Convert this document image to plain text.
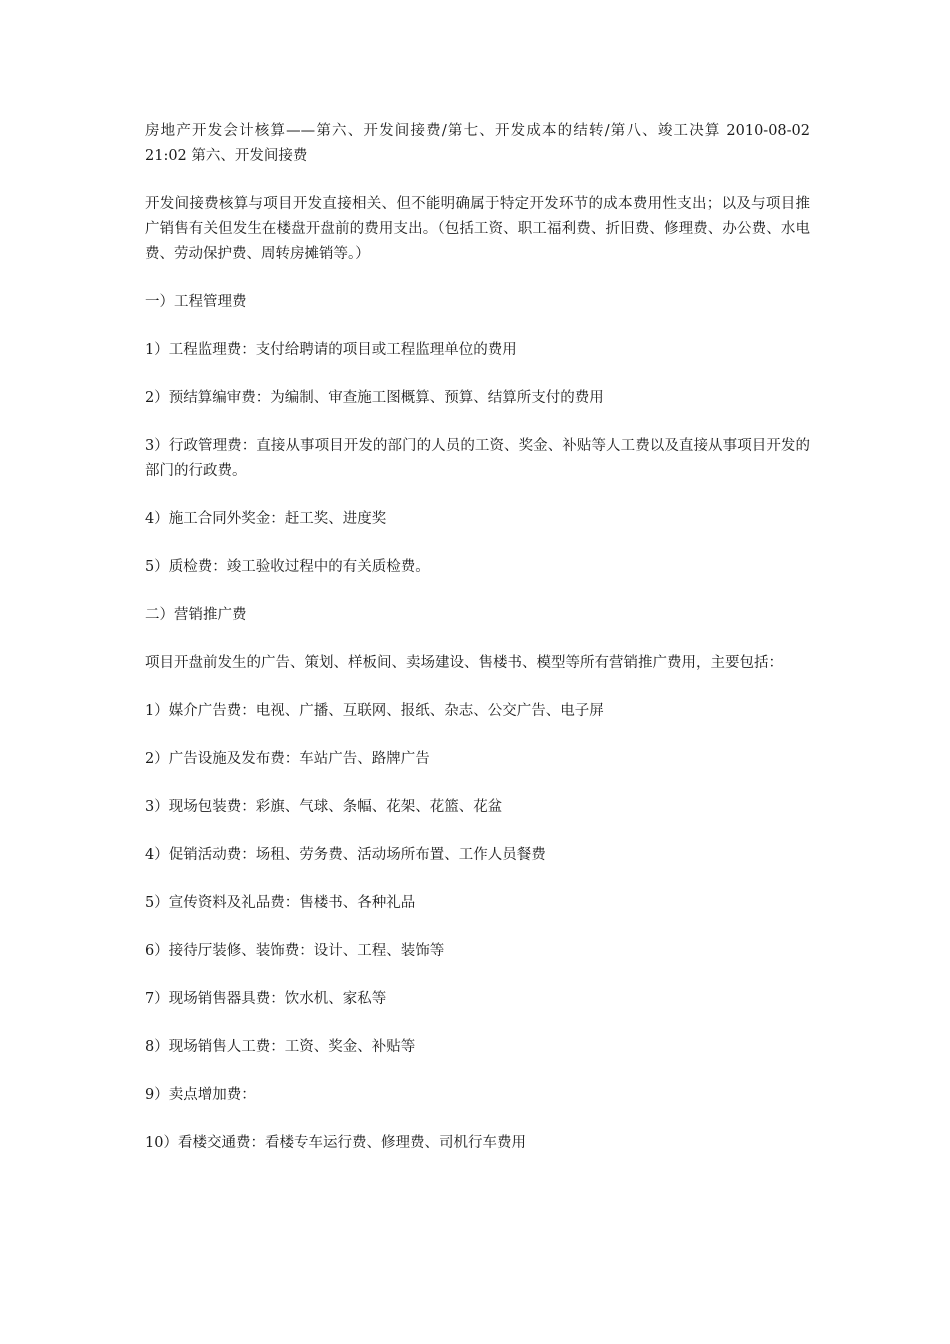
房地产开发会计核算——第六、开发间接费/第七、开发成本的结转/第八、竣工决算 2010-08-02 21:02 第六、开发间接费

开发间接费核算与项目开发直接相关、但不能明确属于特定开发环节的成本费用性支出；以及与项目推广销售有关但发生在楼盘开盘前的费用支出。（包括工资、职工福利费、折旧费、修理费、办公费、水电费、劳动保护费、周转房摊销等。）

一）工程管理费

1）工程监理费：支付给聘请的项目或工程监理单位的费用

2）预结算编审费：为编制、审查施工图概算、预算、结算所支付的费用

3）行政管理费：直接从事项目开发的部门的人员的工资、奖金、补贴等人工费以及直接从事项目开发的部门的行政费。

4）施工合同外奖金：赶工奖、进度奖

5）质检费：竣工验收过程中的有关质检费。

二）营销推广费

项目开盘前发生的广告、策划、样板间、卖场建设、售楼书、模型等所有营销推广费用，主要包括：

1）媒介广告费：电视、广播、互联网、报纸、杂志、公交广告、电子屏

2）广告设施及发布费：车站广告、路牌广告

3）现场包装费：彩旗、气球、条幅、花架、花篮、花盆

4）促销活动费：场租、劳务费、活动场所布置、工作人员餐费

5）宣传资料及礼品费：售楼书、各种礼品

6）接待厅装修、装饰费：设计、工程、装饰等

7）现场销售器具费：饮水机、家私等

8）现场销售人工费：工资、奖金、补贴等

9）卖点增加费：

10）看楼交通费：看楼专车运行费、修理费、司机行车费用
